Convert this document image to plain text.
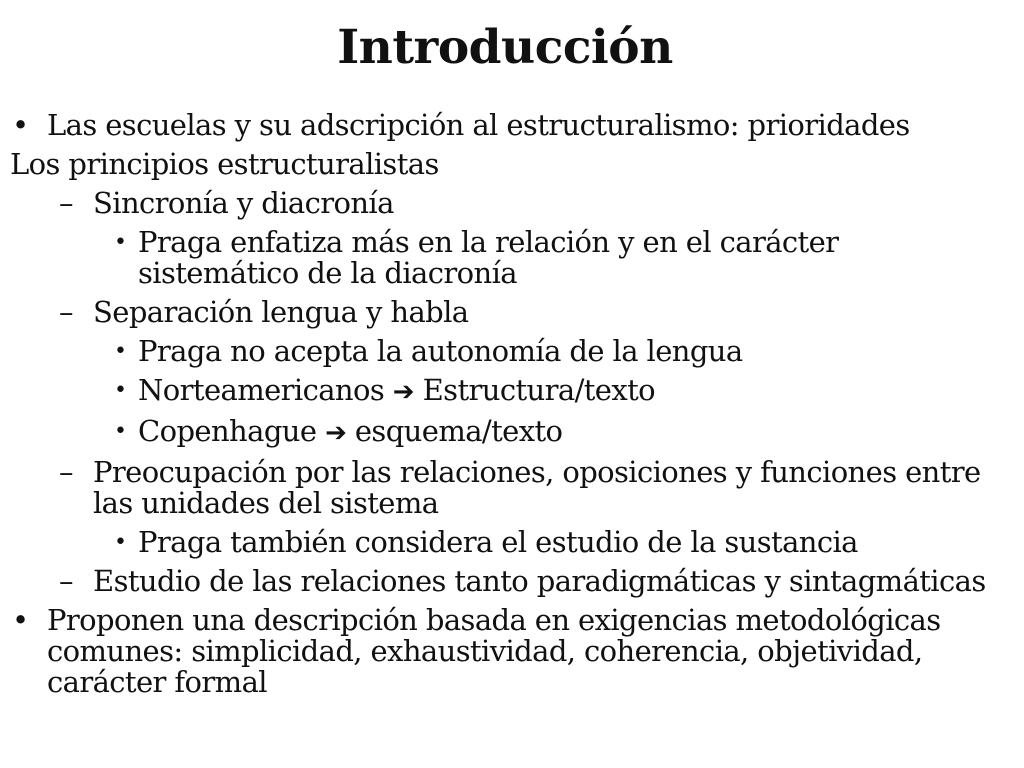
Introducción
• Las escuelas y su adscripción al estructuralismo: prioridades
Los principios estructuralistas
– Sincronía y diacronía
• Praga enfatiza más en la relación y en el carácter sistemático de la diacronía
– Separación lengua y habla
• Praga no acepta la autonomía de la lengua
• Norteamericanos ➔ Estructura/texto
• Copenhague ➔ esquema/texto
– Preocupación por las relaciones, oposiciones y funciones entre las unidades del sistema
• Praga también considera el estudio de la sustancia
– Estudio de las relaciones tanto paradigmáticas y sintagmáticas
• Proponen una descripción basada en exigencias metodológicas comunes: simplicidad, exhaustividad, coherencia, objetividad, carácter formal
